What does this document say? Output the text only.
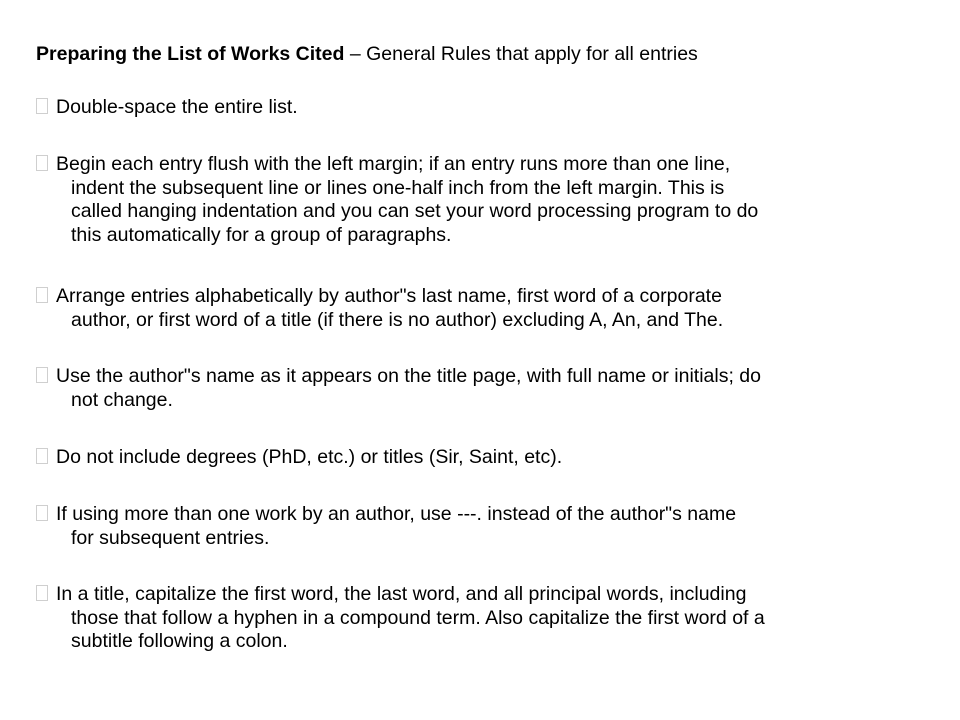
Preparing the List of Works Cited – General Rules that apply for all entries
Double-space the entire list.
Begin each entry flush with the left margin; if an entry runs more than one line,
indent the subsequent line or lines one-half inch from the left margin. This is
called hanging indentation and you can set your word processing program to do
this automatically for a group of paragraphs.
Arrange entries alphabetically by author"s last name, first word of a corporate
author, or first word of a title (if there is no author) excluding A, An, and The.
Use the author"s name as it appears on the title page, with full name or initials; do
not change.
Do not include degrees (PhD, etc.) or titles (Sir, Saint, etc).
If using more than one work by an author, use ---. instead of the author"s name
for subsequent entries.
In a title, capitalize the first word, the last word, and all principal words, including
those that follow a hyphen in a compound term. Also capitalize the first word of a
subtitle following a colon.
